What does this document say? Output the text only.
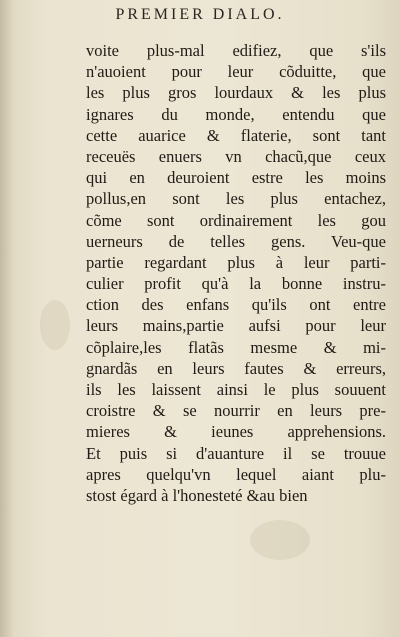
PREMIER DIALO.
voite plus-mal edifiez, que s'ils
n'auoient pour leur cõduitte, que
les plus gros lourdaux & les plus
ignares du monde, entendu que
cette auarice & flaterie, sont tant
receuës enuers vn chacũ,que ceux
qui en deuroient estre les moins
pollus,en sont les plus entachez,
cõme sont ordinairement les gou
uerneurs de telles gens. Veu-que
partie regardant plus à leur parti-
culier profit qu'à la bonne instru-
ction des enfans qu'ils ont entre
leurs mains,partie aufsi pour leur
cõplaire,les flatãs mesme & mi-
gnardãs en leurs fautes & erreurs,
ils les laissent ainsi le plus souuent
croistre & se nourrir en leurs pre-
mieres & ieunes apprehensions.
Et puis si d'auanture il se trouue
apres quelqu'vn lequel aiant plu-
stost égard à l'honesteté &au bien
